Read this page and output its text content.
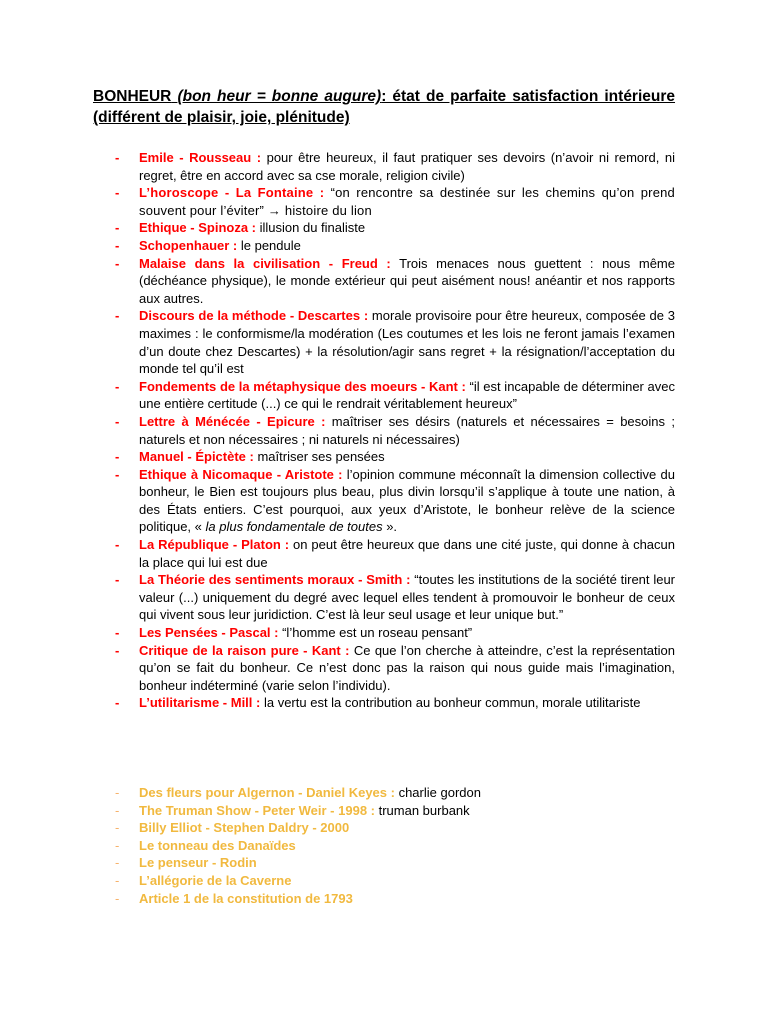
BONHEUR (bon heur = bonne augure): état de parfaite satisfaction intérieure (différent de plaisir, joie, plénitude)
- Emile - Rousseau : pour être heureux, il faut pratiquer ses devoirs (n’avoir ni remord, ni regret, être en accord avec sa cse morale, religion civile)
- L’horoscope - La Fontaine : “on rencontre sa destinée sur les chemins qu’on prend souvent pour l’éviter” → histoire du lion
- Ethique - Spinoza : illusion du finaliste
- Schopenhauer : le pendule
- Malaise dans la civilisation - Freud : Trois menaces nous guettent : nous même (déchéance physique), le monde extérieur qui peut aisément nous! anéantir et nos rapports aux autres.
- Discours de la méthode - Descartes : morale provisoire pour être heureux, composée de 3 maximes : le conformisme/la modération (Les coutumes et les lois ne feront jamais l’examen d’un doute chez Descartes) + la résolution/agir sans regret + la résignation/l’acceptation du monde tel qu’il est
- Fondements de la métaphysique des moeurs - Kant : “il est incapable de déterminer avec une entière certitude (...) ce qui le rendrait véritablement heureux”
- Lettre à Ménécée - Epicure : maîtriser ses désirs (naturels et nécessaires = besoins ; naturels et non nécessaires ; ni naturels ni nécessaires)
- Manuel - Épictète : maîtriser ses pensées
- Ethique à Nicomaque - Aristote : l’opinion commune méconnaît la dimension collective du bonheur, le Bien est toujours plus beau, plus divin lorsqu’il s’applique à toute une nation, à des États entiers. C’est pourquoi, aux yeux d’Aristote, le bonheur relève de la science politique, « la plus fondamentale de toutes ».
- La République - Platon : on peut être heureux que dans une cité juste, qui donne à chacun la place qui lui est due
- La Théorie des sentiments moraux - Smith : “toutes les institutions de la société tirent leur valeur (...) uniquement du degré avec lequel elles tendent à promouvoir le bonheur de ceux qui vivent sous leur juridiction. C’est là leur seul usage et leur unique but.”
- Les Pensées - Pascal : “l’homme est un roseau pensant”
- Critique de la raison pure - Kant : Ce que l’on cherche à atteindre, c’est la représentation qu’on se fait du bonheur. Ce n’est donc pas la raison qui nous guide mais l’imagination, bonheur indéterminé (varie selon l’individu).
- L’utilitarisme - Mill : la vertu est la contribution au bonheur commun, morale utilitariste
- Des fleurs pour Algernon - Daniel Keyes : charlie gordon
- The Truman Show - Peter Weir - 1998 : truman burbank
- Billy Elliot - Stephen Daldry - 2000
- Le tonneau des Danaïdes
- Le penseur - Rodin
- L’allégorie de la Caverne
- Article 1 de la constitution de 1793
